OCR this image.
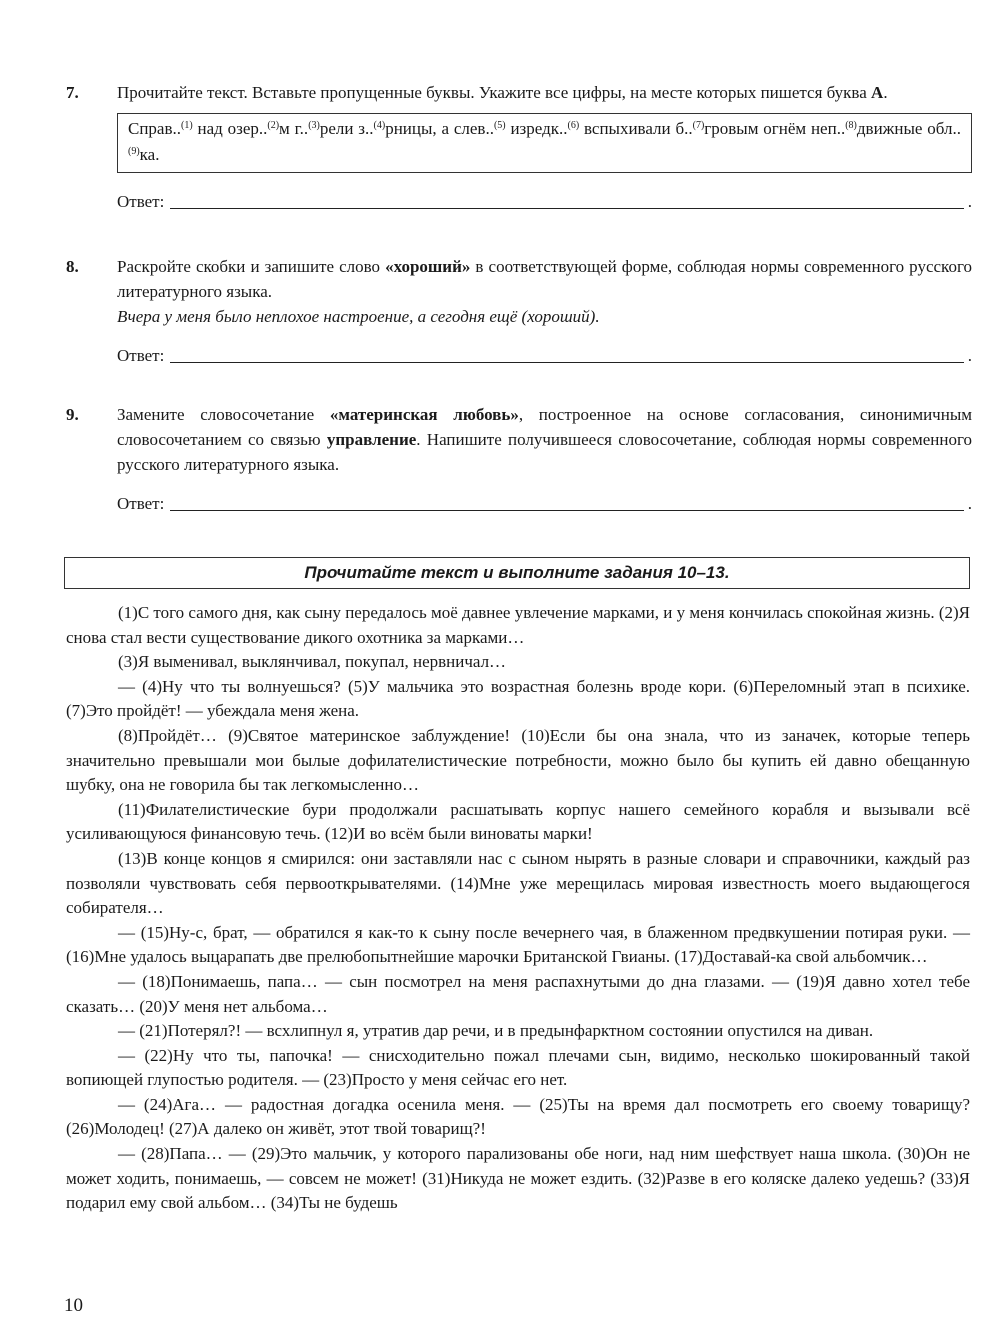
7. Прочитайте текст. Вставьте пропущенные буквы. Укажите все цифры, на месте которых пишется буква А.

Справ..$^{(1)}$ над озер..$^{(2)}$м г..$^{(3)}$рели з..$^{(4)}$рницы, а слев..$^{(5)}$ изредк..$^{(6)}$ вспыхивали б..$^{(7)}$гровым огнём неп..$^{(8)}$движные обл..$^{(9)}$ка.
Ответ:	.
8. Раскройте скобки и запишите слово «хороший» в соответствующей форме, соблюдая нормы современного русского литературного языка.

Вчера у меня было неплохое настроение, а сегодня ещё (хороший).

Ответ:	.
9. Замените словосочетание «материнская любовь», построенное на основе согласования, синонимичным словосочетанием со связью управление. Напишите получившееся словосочетание, соблюдая нормы современного русского литературного языка.

Ответ:	.
Прочитайте текст и выполните задания 10–13.

(1)С того самого дня, как сыну передалось моё давнее увлечение марками, и у меня кончилась спокойная жизнь. (2)Я снова стал вести существование дикого охотника за марками…

(3)Я выменивал, выклянчивал, покупал, нервничал…

— (4)Ну что ты волнуешься? (5)У мальчика это возрастная болезнь вроде кори. (6)Переломный этап в психике. (7)Это пройдёт! — убеждала меня жена.

(8)Пройдёт… (9)Святое материнское заблуждение! (10)Если бы она знала, что из заначек, которые теперь значительно превышали мои былые дофилателистические потребности, можно было бы купить ей давно обещанную шубку, она не говорила бы так легкомысленно…

(11)Филателистические бури продолжали расшатывать корпус нашего семейного корабля и вызывали всё усиливающуюся финансовую течь. (12)И во всём были виноваты марки!

(13)В конце концов я смирился: они заставляли нас с сыном нырять в разные словари и справочники, каждый раз позволяли чувствовать себя первооткрывателями. (14)Мне уже мерещилась мировая известность моего выдающегося собирателя…

— (15)Ну-с, брат, — обратился я как-то к сыну после вечернего чая, в блаженном предвкушении потирая руки. — (16)Мне удалось выцарапать две прелюбопытнейшие марочки Британской Гвианы. (17)Доставай-ка свой альбомчик…

— (18)Понимаешь, папа… — сын посмотрел на меня распахнутыми до дна глазами. — (19)Я давно хотел тебе сказать… (20)У меня нет альбома…

— (21)Потерял?! — всхлипнул я, утратив дар речи, и в предынфарктном состоянии опустился на диван.

— (22)Ну что ты, папочка! — снисходительно пожал плечами сын, видимо, несколько шокированный такой вопиющей глупостью родителя. — (23)Просто у меня сейчас его нет.

— (24)Ага… — радостная догадка осенила меня. — (25)Ты на время дал посмотреть его своему товарищу? (26)Молодец! (27)А далеко он живёт, этот твой товарищ?!

— (28)Папа… — (29)Это мальчик, у которого парализованы обе ноги, над ним шефствует наша школа. (30)Он не может ходить, понимаешь, — совсем не может! (31)Никуда не может ездить. (32)Разве в его коляске далеко уедешь? (33)Я подарил ему свой альбом… (34)Ты не будешь

10
